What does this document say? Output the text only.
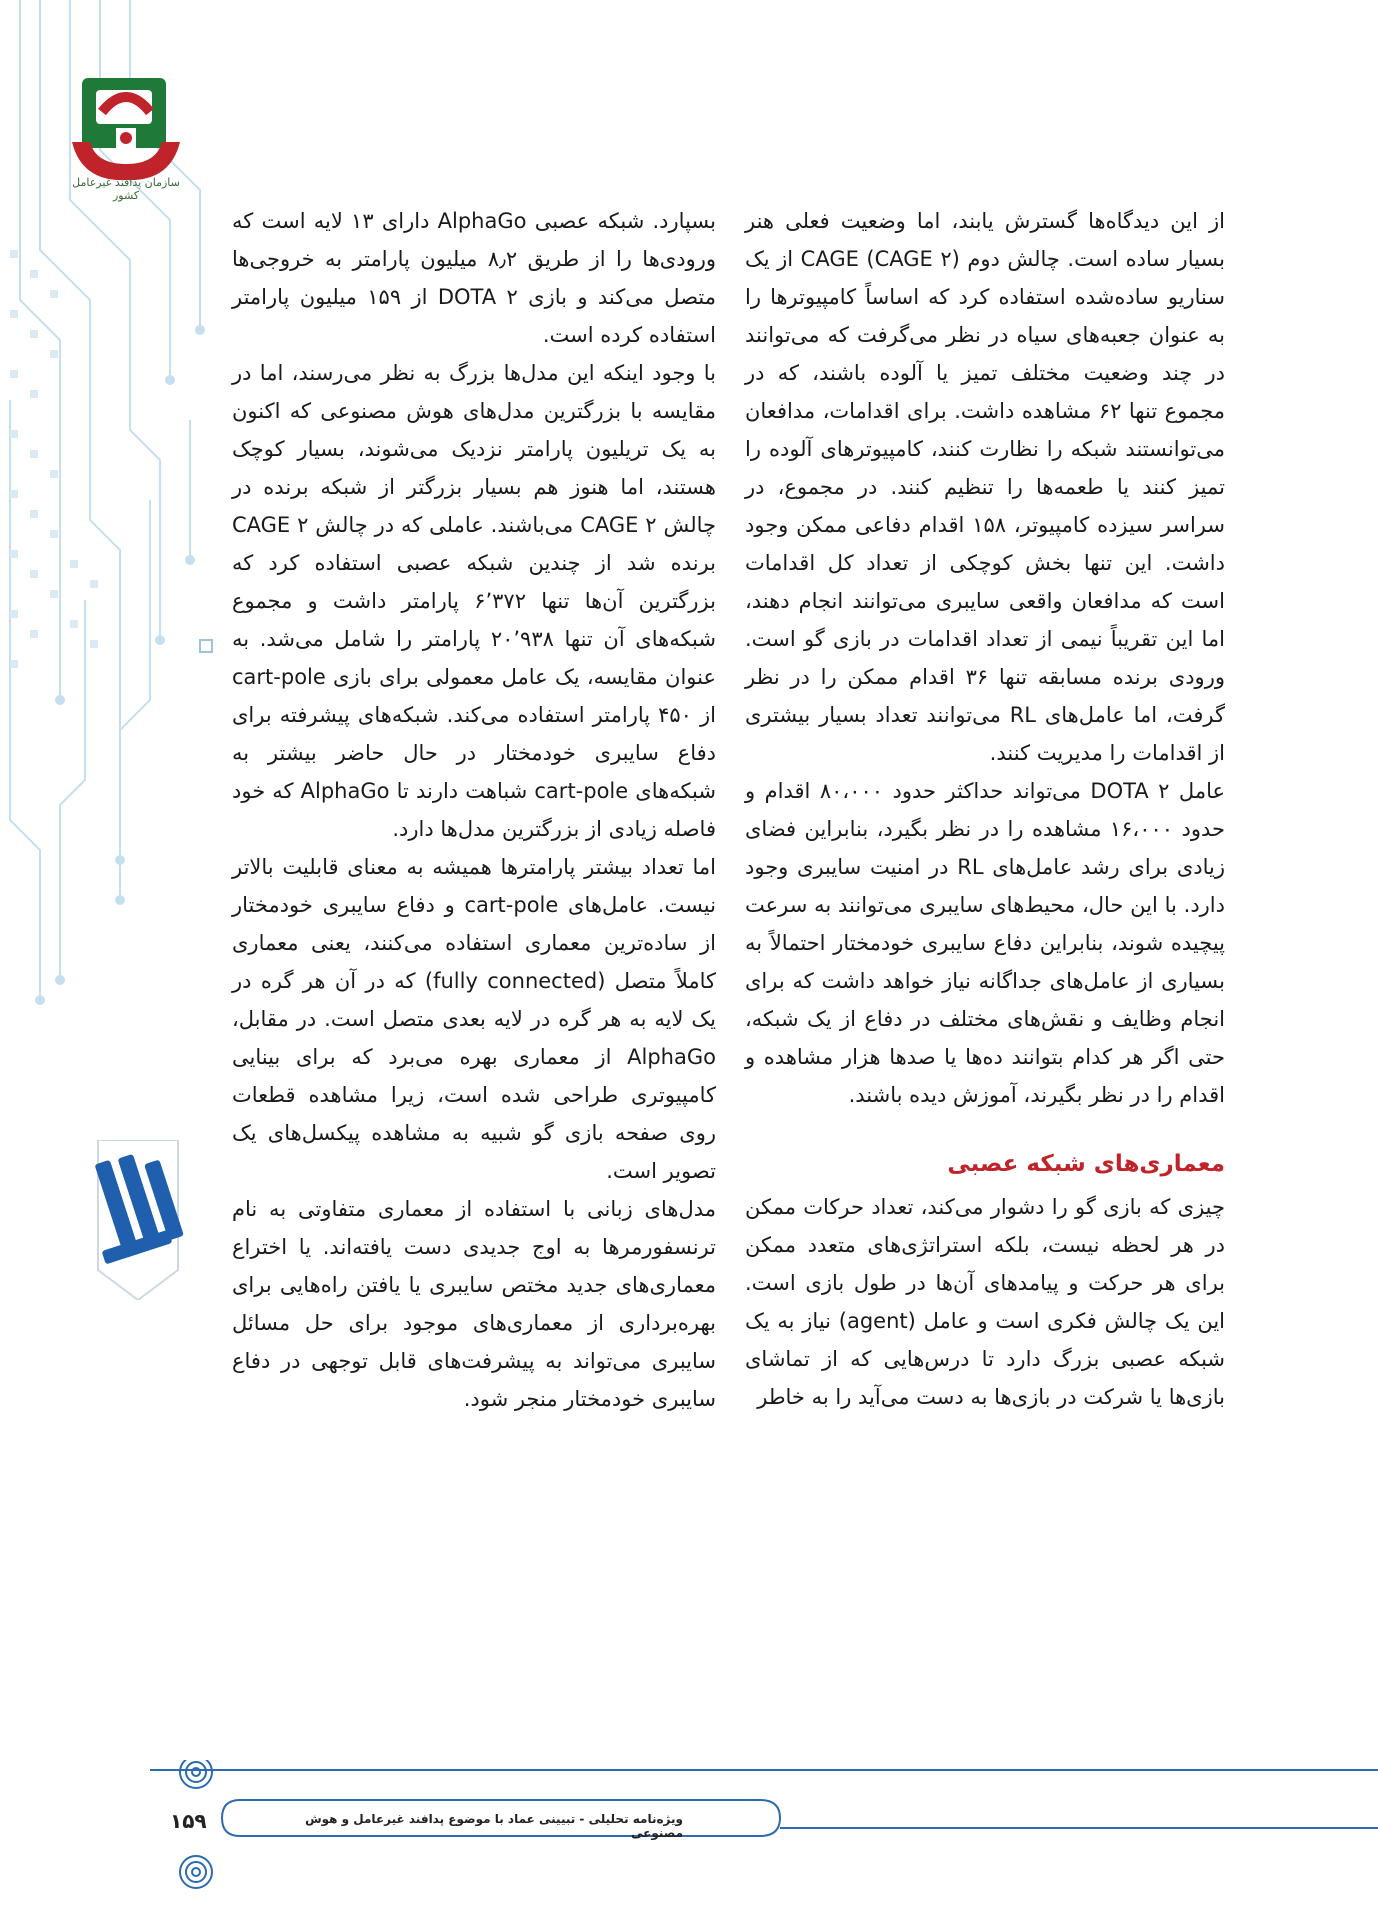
سازمان پدافند غیرعامل کشور

از این دیدگاه‌ها گسترش یابند، اما وضعیت فعلی هنر بسیار ساده است. چالش دوم CAGE (CAGE ۲) از یک سناریو ساده‌شده استفاده کرد که اساساً کامپیوترها را به عنوان جعبه‌های سیاه در نظر می‌گرفت که می‌توانند در چند وضعیت مختلف تمیز یا آلوده باشند، که در مجموع تنها ۶۲ مشاهده داشت. برای اقدامات، مدافعان می‌توانستند شبکه را نظارت کنند، کامپیوترهای آلوده را تمیز کنند یا طعمه‌ها را تنظیم کنند. در مجموع، در سراسر سیزده کامپیوتر، ۱۵۸ اقدام دفاعی ممکن وجود داشت. این تنها بخش کوچکی از تعداد کل اقدامات است که مدافعان واقعی سایبری می‌توانند انجام دهند، اما این تقریباً نیمی از تعداد اقدامات در بازی گو است. ورودی برنده مسابقه تنها ۳۶ اقدام ممکن را در نظر گرفت، اما عامل‌های RL می‌توانند تعداد بسیار بیشتری از اقدامات را مدیریت کنند.

عامل DOTA ۲ می‌تواند حداکثر حدود ۸۰،۰۰۰ اقدام و حدود ۱۶،۰۰۰ مشاهده را در نظر بگیرد، بنابراین فضای زیادی برای رشد عامل‌های RL در امنیت سایبری وجود دارد. با این حال، محیط‌های سایبری می‌توانند به سرعت پیچیده شوند، بنابراین دفاع سایبری خودمختار احتمالاً به بسیاری از عامل‌های جداگانه نیاز خواهد داشت که برای انجام وظایف و نقش‌های مختلف در دفاع از یک شبکه، حتی اگر هر کدام بتوانند ده‌ها یا صدها هزار مشاهده و اقدام را در نظر بگیرند، آموزش دیده باشند.

معماری‌های شبکه عصبی

چیزی که بازی گو را دشوار می‌کند، تعداد حرکات ممکن در هر لحظه نیست، بلکه استراتژی‌های متعدد ممکن برای هر حرکت و پیامدهای آن‌ها در طول بازی است. این یک چالش فکری است و عامل (agent) نیاز به یک شبکه عصبی بزرگ دارد تا درس‌هایی که از تماشای بازی‌ها یا شرکت در بازی‌ها به دست می‌آید را به خاطر

بسپارد. شبکه عصبی AlphaGo دارای ۱۳ لایه است که ورودی‌ها را از طریق ۸٫۲ میلیون پارامتر به خروجی‌ها متصل می‌کند و بازی DOTA ۲ از ۱۵۹ میلیون پارامتر استفاده کرده است.

با وجود اینکه این مدل‌ها بزرگ به نظر می‌رسند، اما در مقایسه با بزرگترین مدل‌های هوش مصنوعی که اکنون به یک تریلیون پارامتر نزدیک می‌شوند، بسیار کوچک هستند، اما هنوز هم بسیار بزرگتر از شبکه برنده در چالش CAGE ۲ می‌باشند. عاملی که در چالش CAGE ۲ برنده شد از چندین شبکه عصبی استفاده کرد که بزرگترین آن‌ها تنها ۶٬۳۷۲ پارامتر داشت و مجموع شبکه‌های آن تنها ۲۰٬۹۳۸ پارامتر را شامل می‌شد. به عنوان مقایسه، یک عامل معمولی برای بازی cart-pole از ۴۵۰ پارامتر استفاده می‌کند. شبکه‌های پیشرفته برای دفاع سایبری خودمختار در حال حاضر بیشتر به شبکه‌های cart-pole شباهت دارند تا AlphaGo که خود فاصله زیادی از بزرگترین مدل‌ها دارد.

اما تعداد بیشتر پارامترها همیشه به معنای قابلیت بالاتر نیست. عامل‌های cart-pole و دفاع سایبری خودمختار از ساده‌ترین معماری استفاده می‌کنند، یعنی معماری کاملاً متصل (fully connected) که در آن هر گره در یک لایه به هر گره در لایه بعدی متصل است. در مقابل، AlphaGo از معماری بهره می‌برد که برای بینایی کامپیوتری طراحی شده است، زیرا مشاهده قطعات روی صفحه بازی گو شبیه به مشاهده پیکسل‌های یک تصویر است.

مدل‌های زبانی با استفاده از معماری متفاوتی به نام ترنسفورمرها به اوج جدیدی دست یافته‌اند. یا اختراع معماری‌های جدید مختص سایبری یا یافتن راه‌هایی برای بهره‌برداری از معماری‌های موجود برای حل مسائل سایبری می‌تواند به پیشرفت‌های قابل توجهی در دفاع سایبری خودمختار منجر شود.

۱۵۹	ویژه‌نامه تحلیلی - تبیینی عماد با موضوع پدافند غیرعامل و هوش مصنوعی
